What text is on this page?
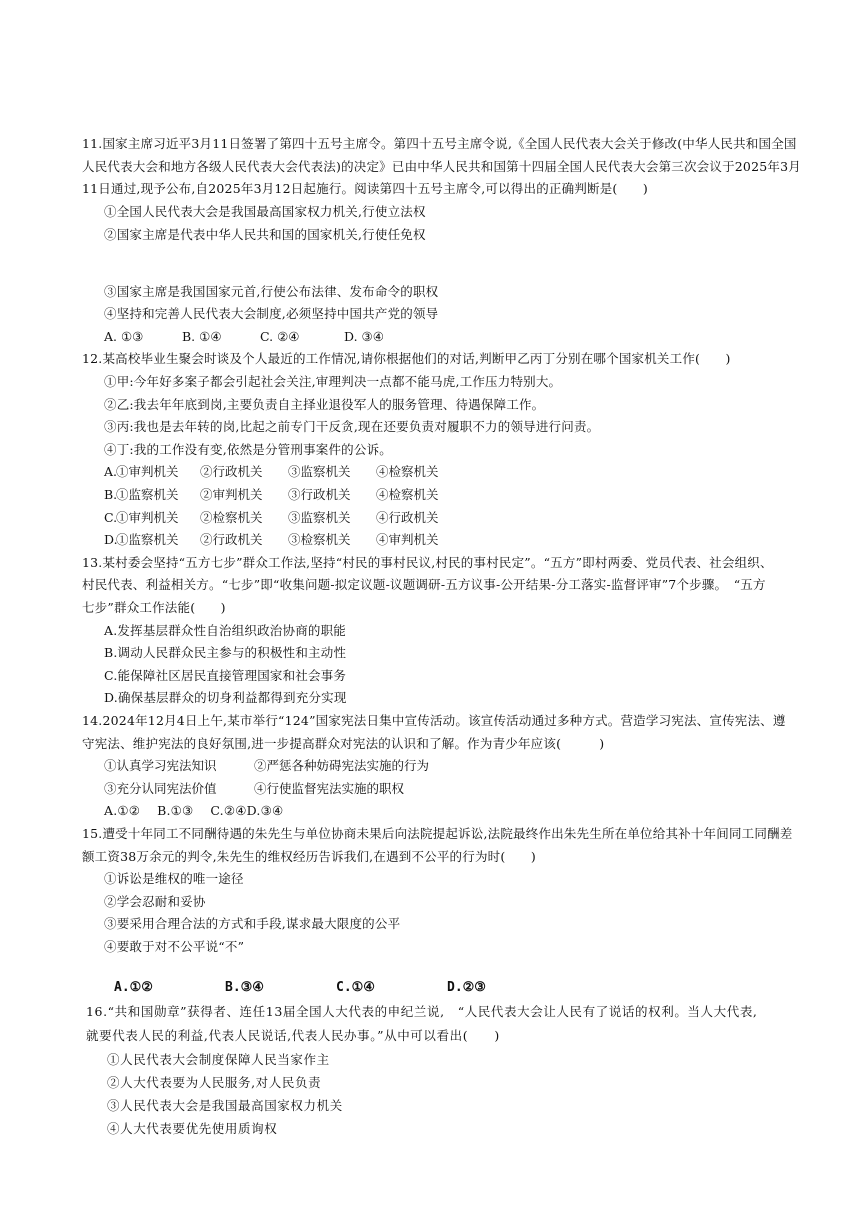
11.国家主席习近平3月11日签署了第四十五号主席令。第四十五号主席令说,《全国人民代表大会关于修改(中华人民共和国全国
人民代表大会和地方各级人民代表大会代表法)的决定》已由中华人民共和国第十四届全国人民代表大会第三次会议于2025年3月
11日通过,现予公布,自2025年3月12日起施行。阅读第四十五号主席令,可以得出的正确判断是(　　)
①全国人民代表大会是我国最高国家权力机关,行使立法权
②国家主席是代表中华人民共和国的国家机关,行使任免权
③国家主席是我国国家元首,行使公布法律、发布命令的职权
④坚持和完善人民代表大会制度,必须坚持中国共产党的领导
A. ①③	B. ①④	C. ②④	D. ③④
12.某高校毕业生聚会时谈及个人最近的工作情况,请你根据他们的对话,判断甲乙丙丁分别在哪个国家机关工作(　　)
①甲:今年好多案子都会引起社会关注,审理判决一点都不能马虎,工作压力特别大。
②乙:我去年年底到岗,主要负责自主择业退役军人的服务管理、待遇保障工作。
③丙:我也是去年转的岗,比起之前专门干反贪,现在还要负责对履职不力的领导进行问责。
④丁:我的工作没有变,依然是分管刑事案件的公诉。
A.
①审判机关 ②行政机关 ③监察机关 ④检察机关
B.
①监察机关 ②审判机关 ③行政机关 ④检察机关
C.
①审判机关 ②检察机关 ③监察机关 ④行政机关
D.
①监察机关 ②行政机关 ③检察机关 ④审判机关
13.某村委会坚持“五方七步”群众工作法,坚持“村民的事村民议,村民的事村民定”。“五方”即村两委、党员代表、社会组织、
村民代表、利益相关方。“七步”即“收集问题-拟定议题-议题调研-五方议事-公开结果-分工落实-监督评审”7个步骤。　“五方
七步”群众工作法能(　　)
A.发挥基层群众性自治组织政治协商的职能
B.调动人民群众民主参与的积极性和主动性
C.能保障社区居民直接管理国家和社会事务
D.确保基层群众的切身利益都得到充分实现
14.2024年12月4日上午,某市举行“124”国家宪法日集中宣传活动。该宣传活动通过多种方式。营造学习宪法、宣传宪法、遵
守宪法、维护宪法的良好氛围,进一步提高群众对宪法的认识和了解。作为青少年应该(　　　)
①认真学习宪法知识	②严惩各种妨碍宪法实施的行为
③充分认同宪法价值	④行使监督宪法实施的职权
A.①②　 B.①③　 C.②④D.③④
15.遭受十年同工不同酬待遇的朱先生与单位协商未果后向法院提起诉讼,法院最终作出朱先生所在单位给其补十年间同工同酬差
额工资38万余元的判令,朱先生的维权经历告诉我们,在遇到不公平的行为时(　　)
①诉讼是维权的唯一途径
②学会忍耐和妥协
③要采用合理合法的方式和手段,谋求最大限度的公平
④要敢于对不公平说“不”
A.①②	B.③④	C.①④	D.②③
16.“共和国勋章”获得者、连任13届全国人大代表的申纪兰说,　“人民代表大会让人民有了说话的权利。当人大代表,
就要代表人民的利益,代表人民说话,代表人民办事。”从中可以看出(　　)
①人民代表大会制度保障人民当家作主
②人大代表要为人民服务,对人民负责
③人民代表大会是我国最高国家权力机关
④人大代表要优先使用质询权
